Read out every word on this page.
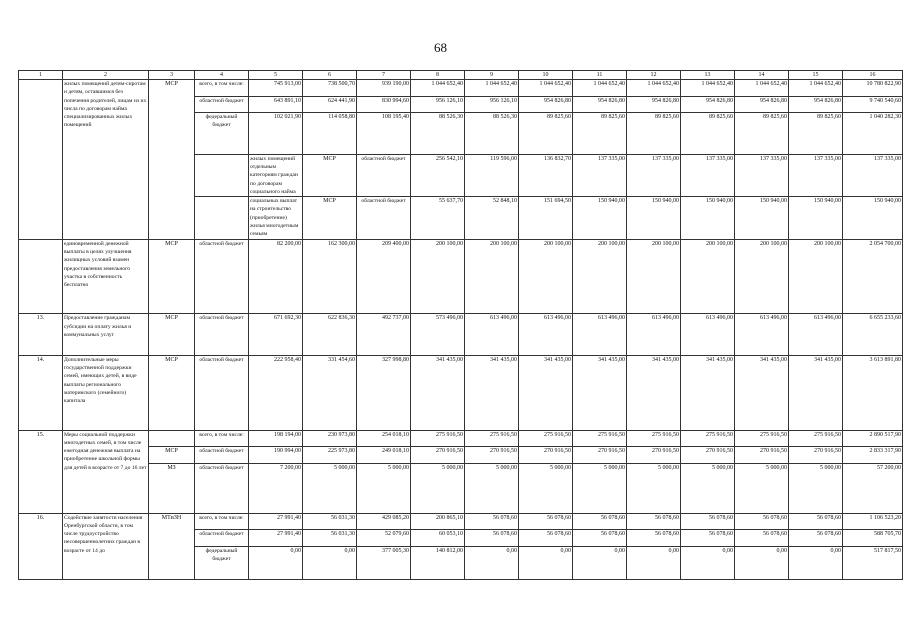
68
1	2	3	4	5	6	7	8	9	10	11	12	13	14	15	16	
	жилых помещений детям-сиротам и детям, оставшимся без попечения родителей, лицам из их числа по договорам найма специализированных жилых помещений	МСР	всего, в том числе:	745 913,00	738 500,70	939 190,00	1 044 652,40	1 044 652,40	1 044 652,40	1 044 652,40	1 044 652,40	1 044 652,40	1 044 652,40	1 044 652,40	10 780 822,90	
			областной бюджет	643 891,10	624 441,90	830 994,60	956 126,10	956 126,10	954 826,80	954 826,80	954 826,80	954 826,80	954 826,80	954 826,80	9 740 540,60	
			федеральный бюджет	102 021,90	114 058,80	108 195,40	88 526,30	88 526,30	89 825,60	89 825,60	89 825,60	89 825,60	89 825,60	89 825,60	1 040 282,30	
				жилых помещений отдельным категориям граждан по договорам социального найма	МСР	областной бюджет	256 542,10	119 596,00	136 832,70	137 335,00	137 335,00	137 335,00	137 335,00	137 335,00	137 335,00			
				социальных выплат на строительство (приобретение) жилья многодетным семьям	МСР	областной бюджет	55 637,70	52 848,10	151 694,50	150 940,00	150 940,00	150 940,00	150 940,00	150 940,00	150 940,00			
	единовременной денежной выплаты в целях улучшения жилищных условий взамен предоставления земельного участка в собственность бесплатно	МСР	областной бюджет	82 200,00	162 300,00	209 400,00	200 100,00	200 100,00	200 100,00	200 100,00	200 100,00	200 100,00	200 100,00	200 100,00	2 054 700,00	
13.	Предоставление гражданам субсидии на оплату жилья и коммунальных услуг	МСР	областной бюджет	671 692,30	622 836,30	492 737,00	573 496,00	613 496,00	613 496,00	613 496,00	613 496,00	613 496,00	613 496,00	613 496,00	6 655 233,60	
14.	Дополнительные меры государственной поддержки семей, имеющих детей, в виде выплаты регионального материнского (семейного) капитала	МСР	областной бюджет	222 958,40	331 454,60	327 998,80	341 435,00	341 435,00	341 435,00	341 435,00	341 435,00	341 435,00	341 435,00	341 435,00	3 613 891,80	
15.	Меры социальной поддержки многодетных семей, в том числе ежегодная денежная выплата на приобретение школьной формы для детей в возрасте от 7 до 16 лет		всего, в том числе:	198 194,00	230 973,80	254 018,10	275 916,50	275 916,50	275 916,50	275 916,50	275 916,50	275 916,50	275 916,50	275 916,50	2 890 517,90	
		МСР	областной бюджет	190 994,00	225 973,80	249 018,10	270 916,50	270 916,50	270 916,50	270 916,50	270 916,50	270 916,50	270 916,50	270 916,50	2 833 317,90	
		МЗ	областной бюджет	7 200,00	5 000,00	5 000,00	5 000,00	5 000,00	5 000,00	5 000,00	5 000,00	5 000,00	5 000,00	5 000,00	57 200,00	
16.	Содействие занятости населения Оренбургской области, в том числе трудоустройство несовершеннолетних граждан в возрасте от 14 до	МТиЗН	всего, в том числе:	27 991,40	56 031,30	429 085,20	200 865,10	56 078,60	56 078,60	56 078,60	56 078,60	56 078,60	56 078,60	56 078,60	1 106 523,20	
			областной бюджет	27 991,40	56 031,30	52 079,60	60 053,10	56 078,60	56 078,60	56 078,60	56 078,60	56 078,60	56 078,60	56 078,60	588 705,70	
			федеральный бюджет	0,00	0,00	377 005,30	140 812,00	0,00	0,00	0,00	0,00	0,00	0,00	0,00	517 817,50	
